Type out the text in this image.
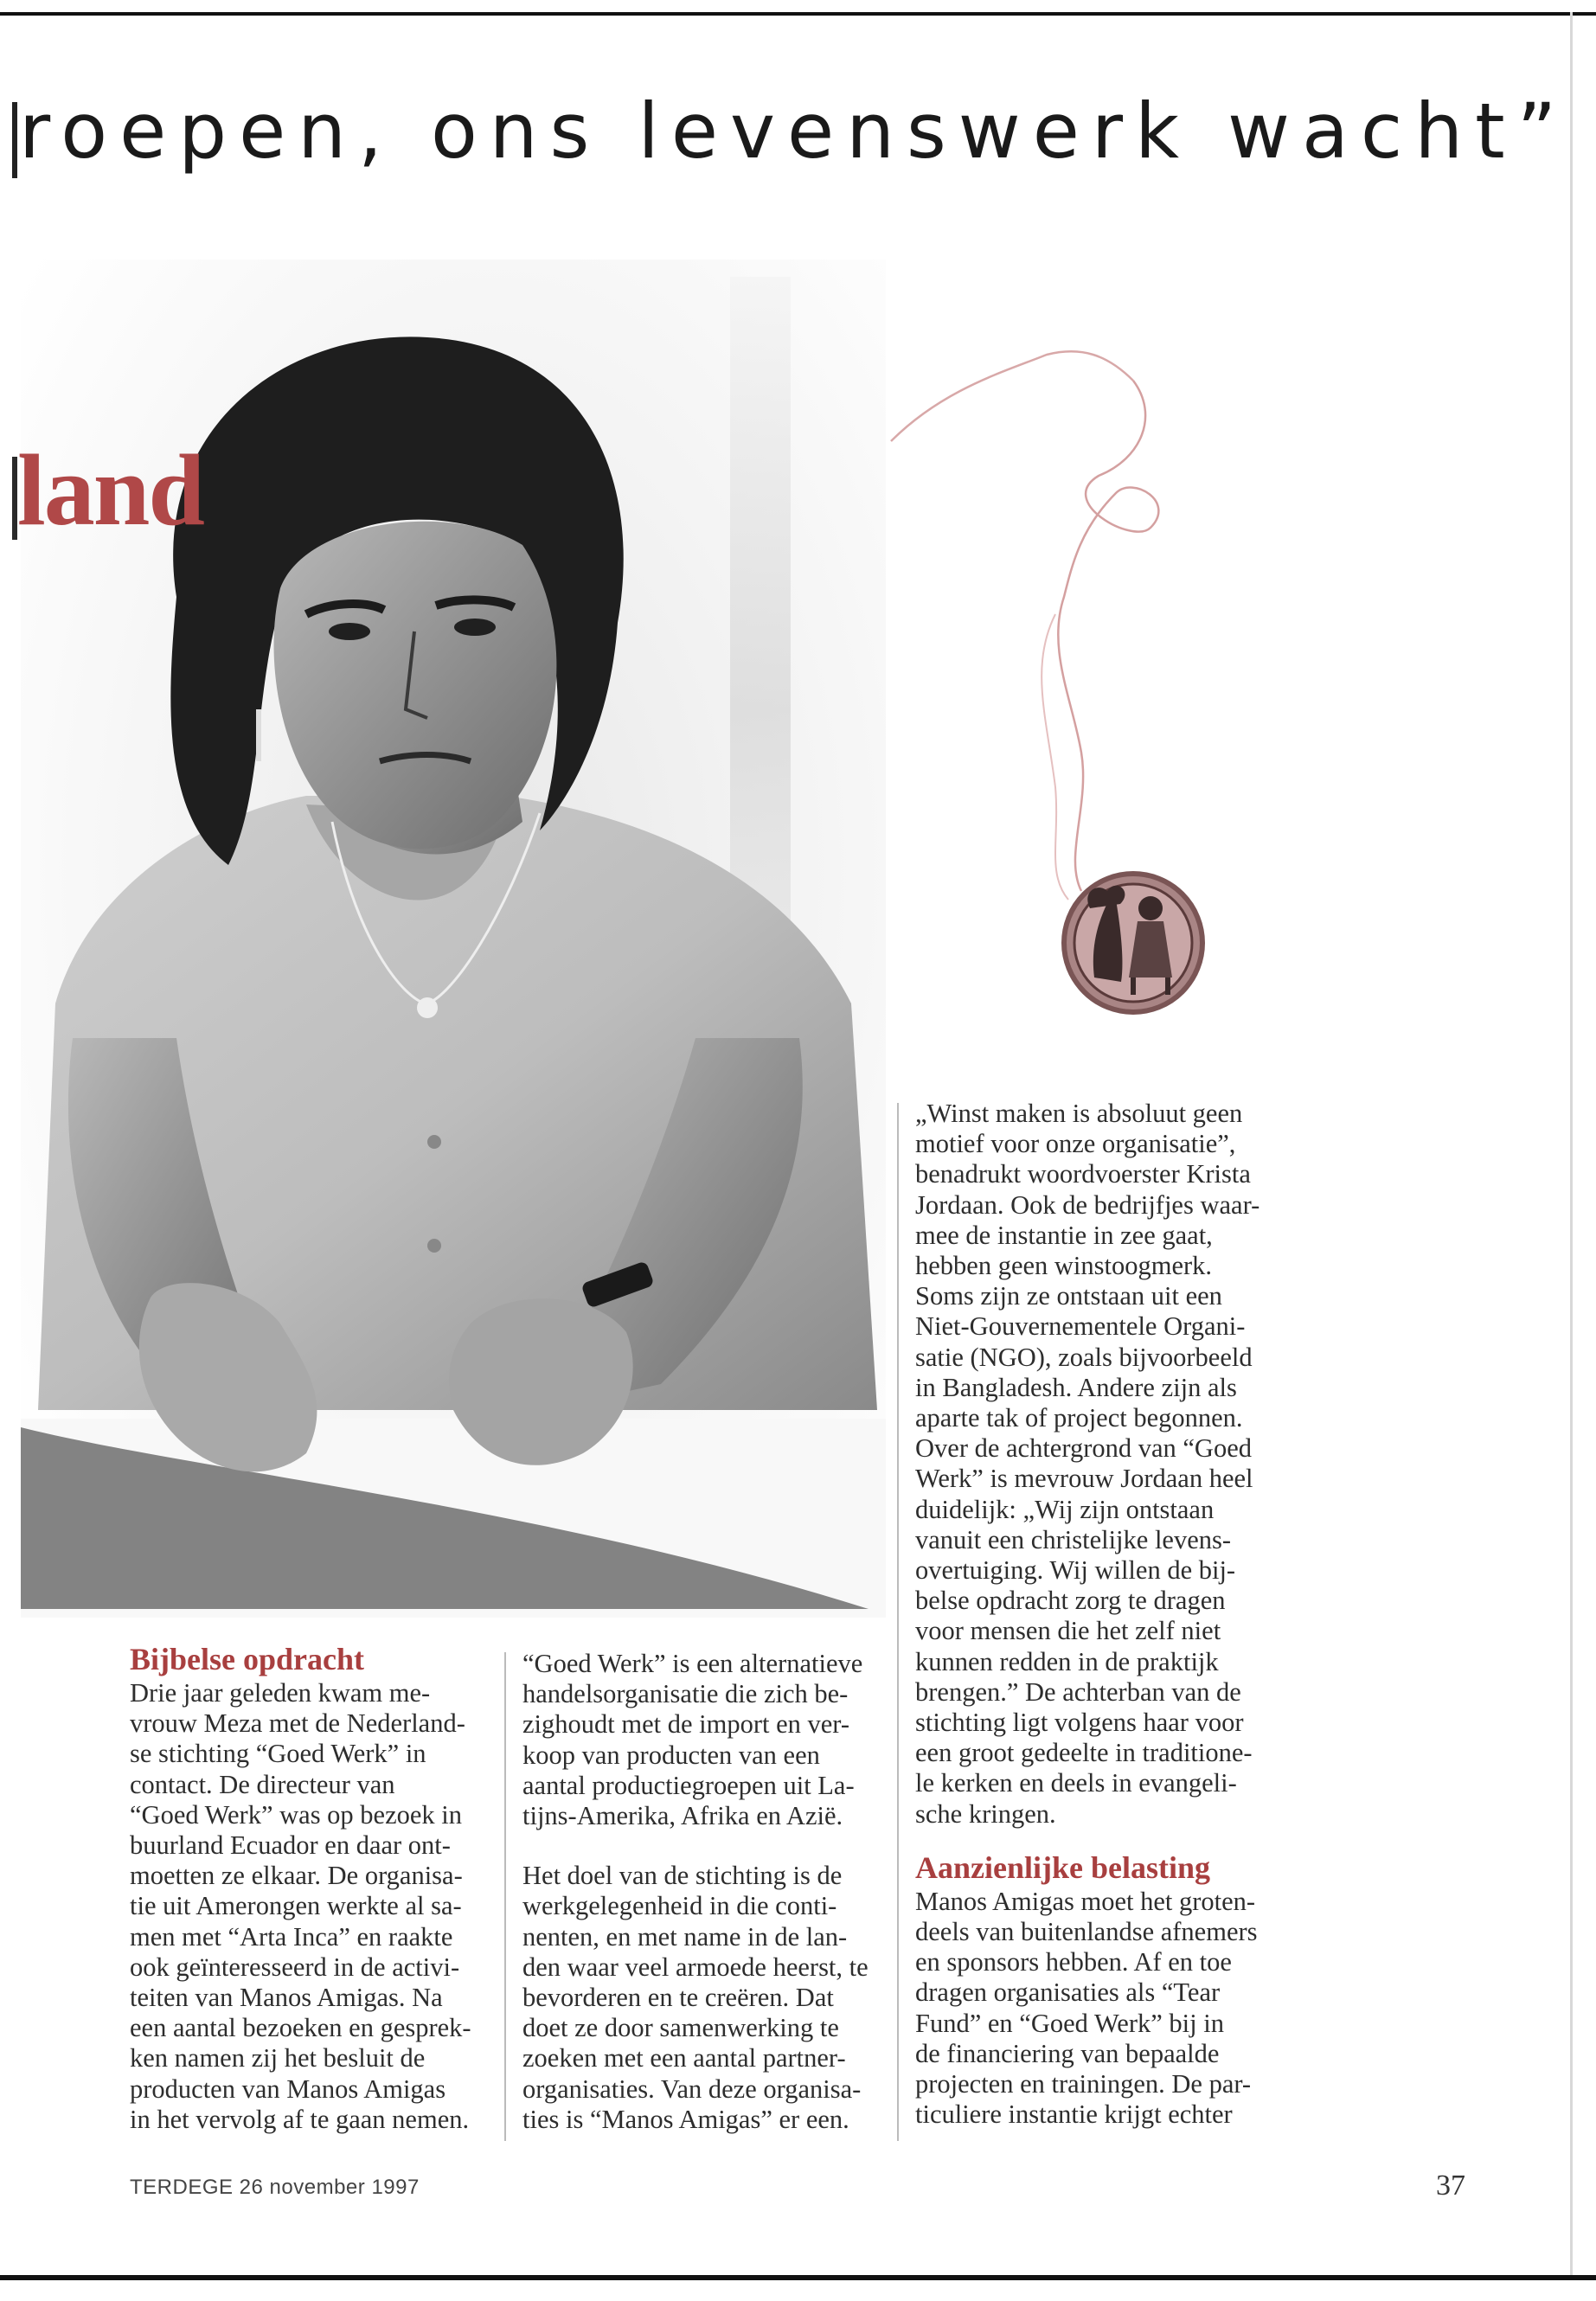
roepen, ons levenswerk wacht”
land

Bijbelse opdracht

Drie jaar geleden kwam me-
vrouw Meza met de Nederland-
se stichting “Goed Werk” in
contact. De directeur van
“Goed Werk” was op bezoek in
buurland Ecuador en daar ont-
moetten ze elkaar. De organisa-
tie uit Amerongen werkte al sa-
men met “Arta Inca” en raakte
ook geïnteresseerd in de activi-
teiten van Manos Amigas. Na
een aantal bezoeken en gesprek-
ken namen zij het besluit de
producten van Manos Amigas
in het vervolg af te gaan nemen.
“Goed Werk” is een alternatieve
handelsorganisatie die zich be-
zighoudt met de import en ver-
koop van producten van een
aantal productiegroepen uit La-
tijns-Amerika, Afrika en Azië.
Het doel van de stichting is de
werkgelegenheid in die conti-
nenten, en met name in de lan-
den waar veel armoede heerst, te
bevorderen en te creëren. Dat
doet ze door samenwerking te
zoeken met een aantal partner-
organisaties. Van deze organisa-
ties is “Manos Amigas” er een.
„Winst maken is absoluut geen
motief voor onze organisatie”,
benadrukt woordvoerster Krista
Jordaan. Ook de bedrijfjes waar-
mee de instantie in zee gaat,
hebben geen winstoogmerk.
Soms zijn ze ontstaan uit een
Niet-Gouvernementele Organi-
satie (NGO), zoals bijvoorbeeld
in Bangladesh. Andere zijn als
aparte tak of project begonnen.
Over de achtergrond van “Goed
Werk” is mevrouw Jordaan heel
duidelijk: „Wij zijn ontstaan
vanuit een christelijke levens-
overtuiging. Wij willen de bij-
belse opdracht zorg te dragen
voor mensen die het zelf niet
kunnen redden in de praktijk
brengen.” De achterban van de
stichting ligt volgens haar voor
een groot gedeelte in traditione-
le kerken en deels in evangeli-
sche kringen.

Aanzienlijke belasting

Manos Amigas moet het groten-
deels van buitenlandse afnemers
en sponsors hebben. Af en toe
dragen organisaties als “Tear
Fund” en “Goed Werk” bij in
de financiering van bepaalde
projecten en trainingen. De par-
ticuliere instantie krijgt echter
TERDEGE 26 november 1997	37
